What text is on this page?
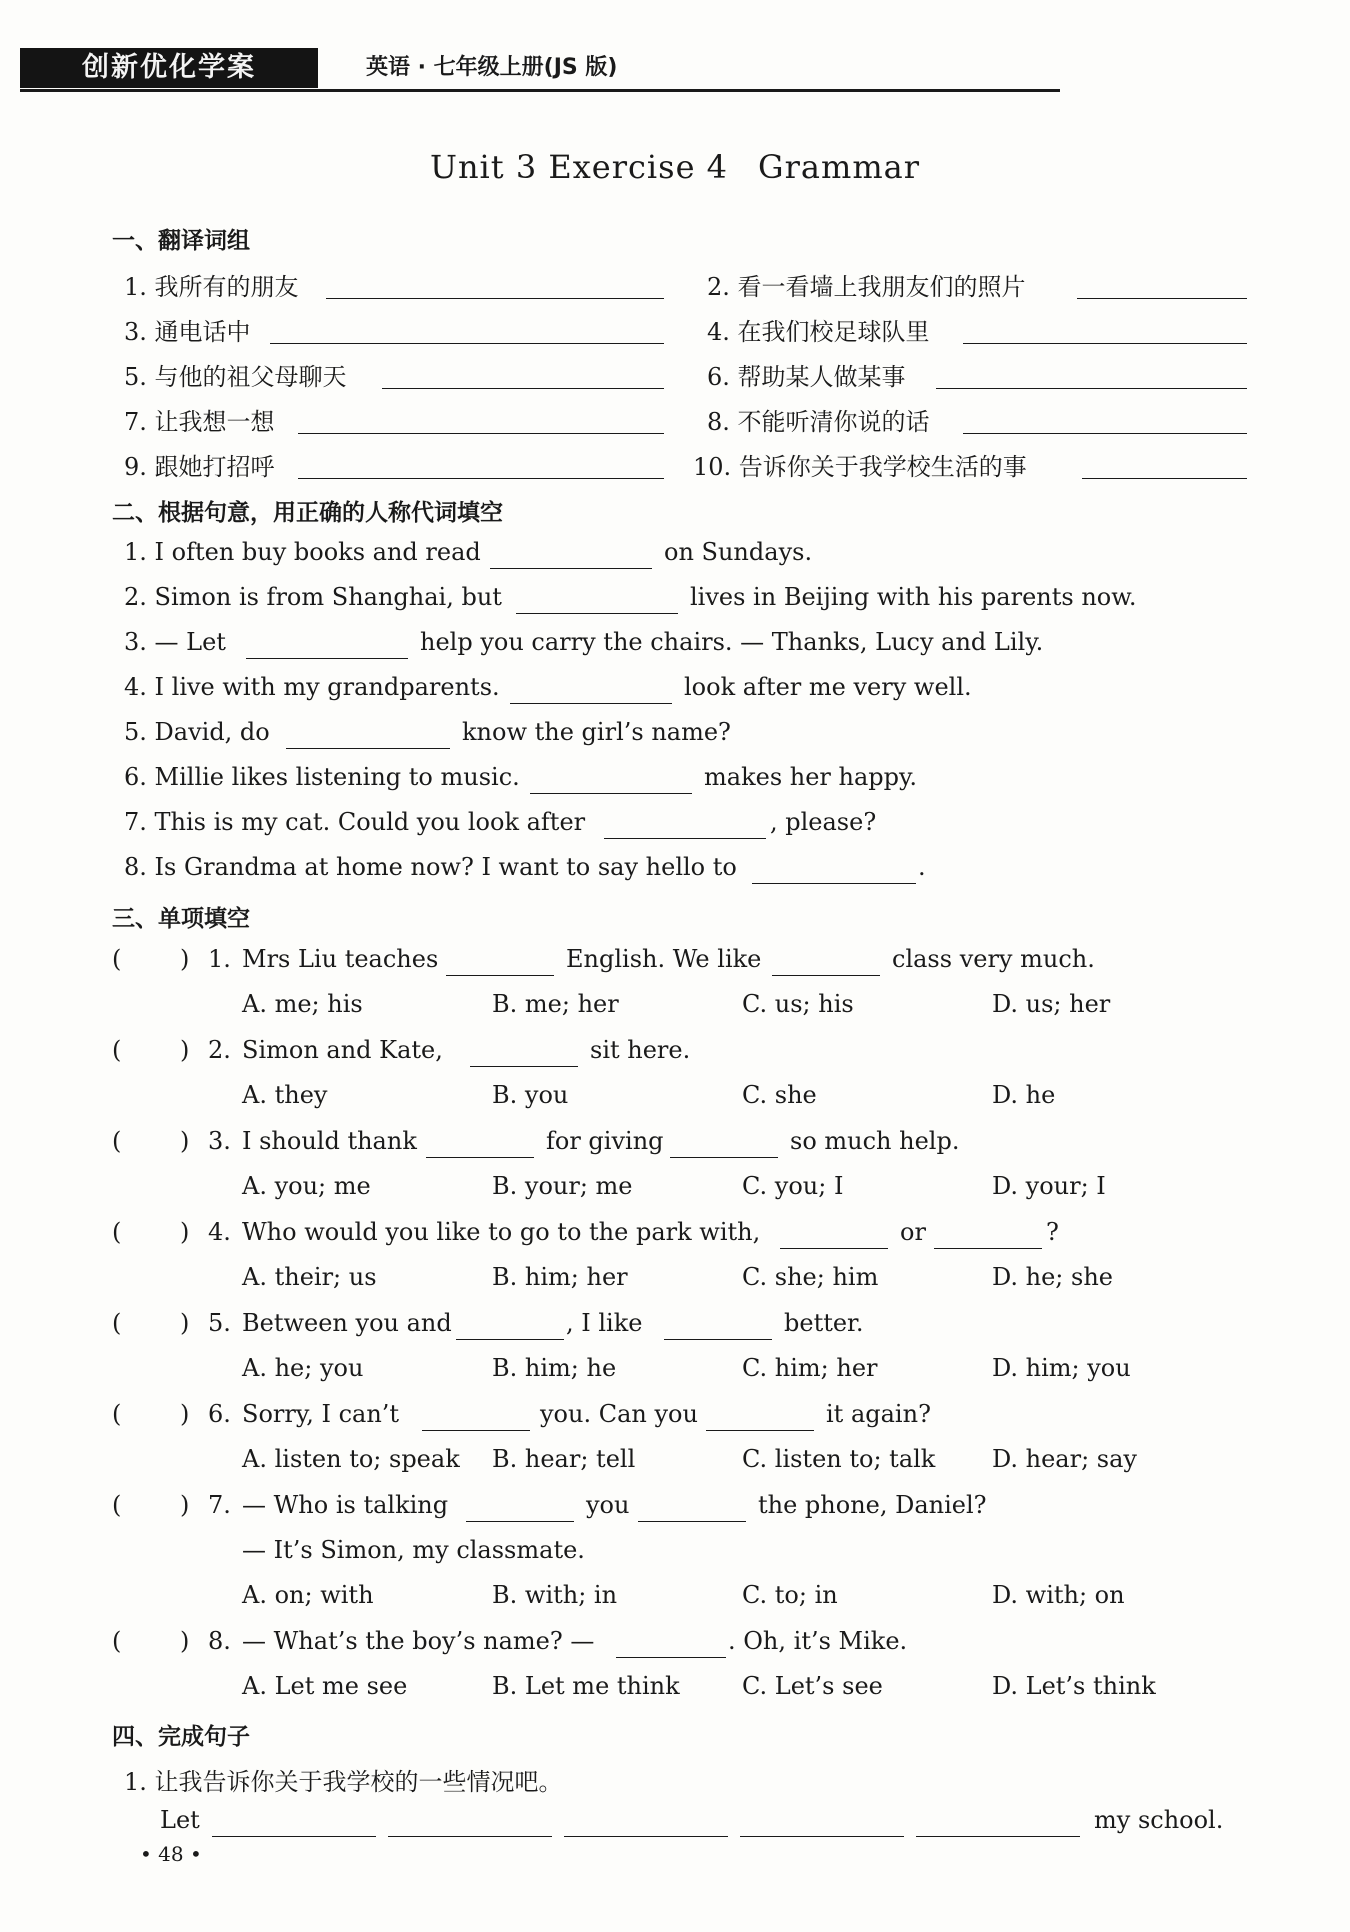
创新优化学案	英语 · 七年级上册(JS 版)
Unit 3 Exercise 4 Grammar
一、翻译词组
1. 我所有的朋友	2. 看一看墙上我朋友们的照片
3. 通电话中	4. 在我们校足球队里
5. 与他的祖父母聊天	6. 帮助某人做某事
7. 让我想一想	8. 不能听清你说的话
9. 跟她打招呼	10. 告诉你关于我学校生活的事
二、根据句意，用正确的人称代词填空
1. I often buy books and read	on Sundays.
2. Simon is from Shanghai, but	lives in Beijing with his parents now.
3. — Let	help you carry the chairs. — Thanks, Lucy and Lily.
4. I live with my grandparents.	look after me very well.
5. David, do	know the girl’s name?
6. Millie likes listening to music.	makes her happy.
7. This is my cat. Could you look after	, please?
8. Is Grandma at home now? I want to say hello to	.
三、单项填空
( ) 1. Mrs Liu teaches	English. We like	class very much.
A. me; his	B. me; her	C. us; his	D. us; her
( ) 2. Simon and Kate,	sit here.
A. they	B. you	C. she	D. he
( ) 3. I should thank	for giving	so much help.
A. you; me	B. your; me	C. you; I	D. your; I
( ) 4. Who would you like to go to the park with,	or	?
A. their; us	B. him; her	C. she; him	D. he; she
( ) 5. Between you and	, I like	better.
A. he; you	B. him; he	C. him; her	D. him; you
( ) 6. Sorry, I can’t	you. Can you	it again?
A. listen to; speak B. hear; tell	C. listen to; talk D. hear; say
( ) 7. — Who is talking	you	the phone, Daniel?
— It’s Simon, my classmate.
A. on; with	B. with; in	C. to; in	D. with; on
( ) 8. — What’s the boy’s name? —	. Oh, it’s Mike.
A. Let me see	B. Let me think	C. Let’s see	D. Let’s think
四、完成句子
1. 让我告诉你关于我学校的一些情况吧。
Let	my school.
• 48 •
